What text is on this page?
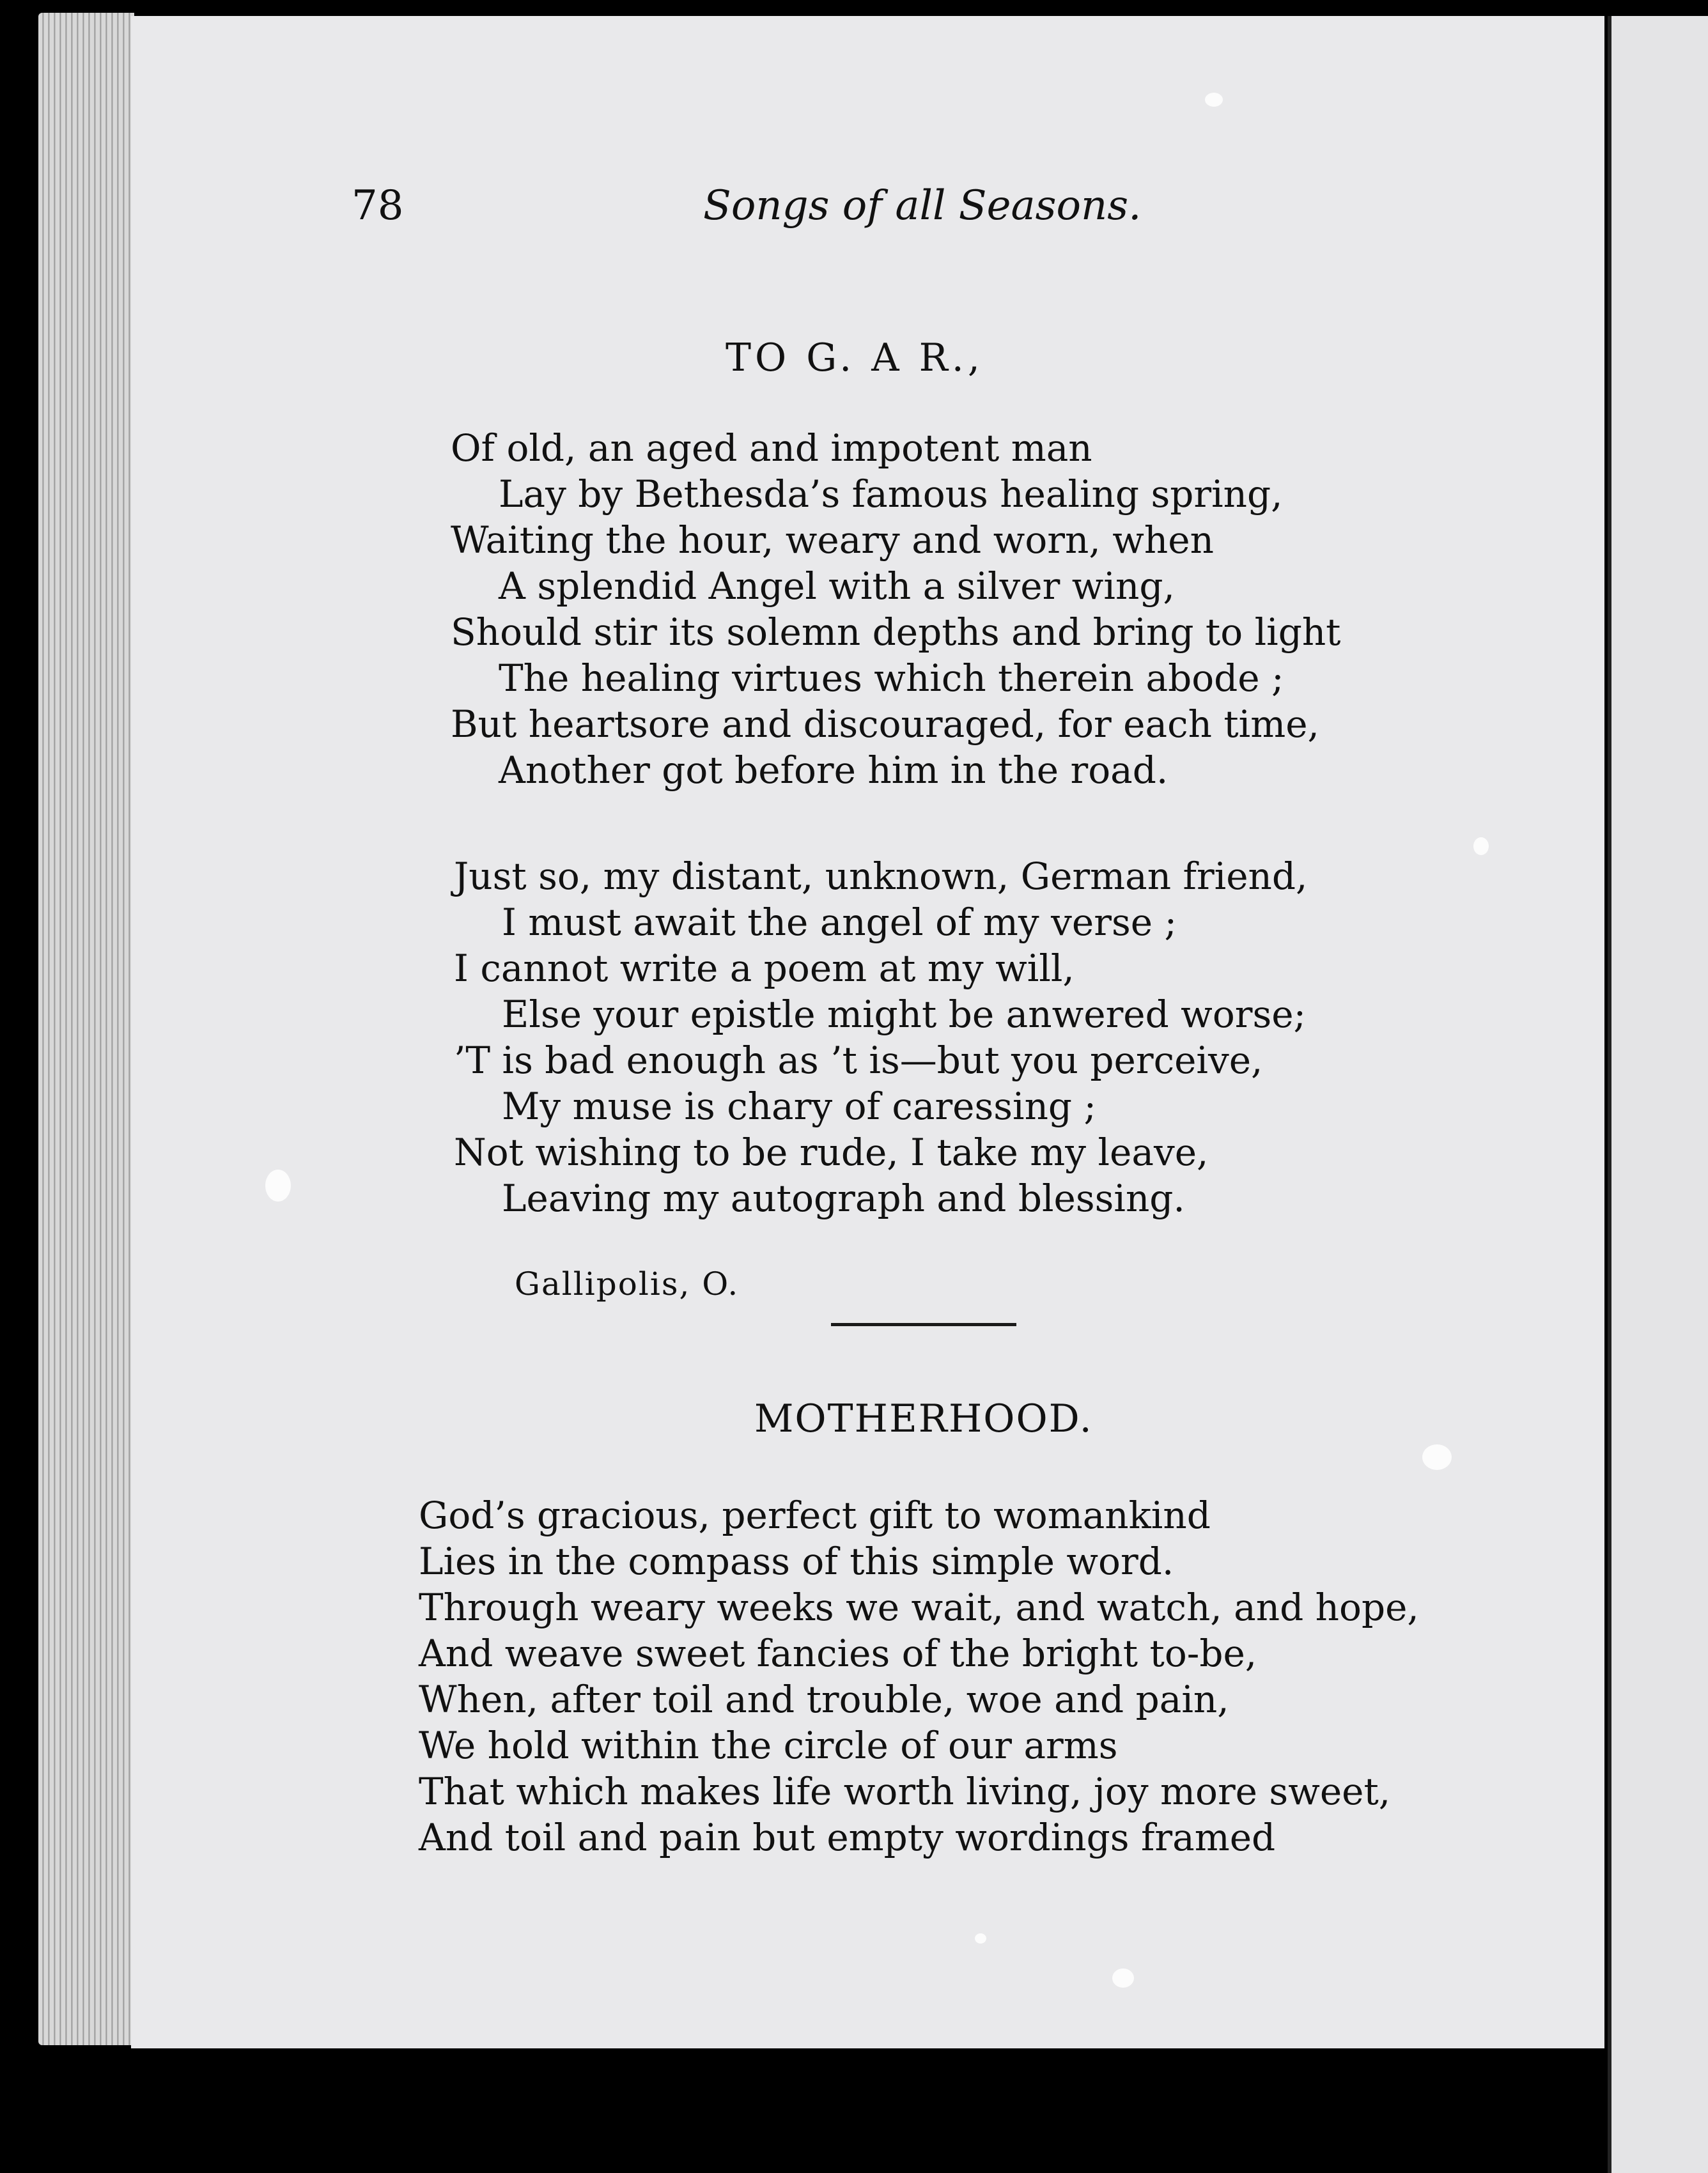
78	Songs of all Seasons.

TO G. A R.,
Of old, an aged and impotent man
Lay by Bethesda’s famous healing spring,
Waiting the hour, weary and worn, when
A splendid Angel with a silver wing,
Should stir its solemn depths and bring to light
The healing virtues which therein abode ;
But heartsore and discouraged, for each time,
Another got before him in the road.
Just so, my distant, unknown, German friend,
I must await the angel of my verse ;
I cannot write a poem at my will,
Else your epistle might be anwered worse;
’T is bad enough as ’t is—but you perceive,
My muse is chary of caressing ;
Not wishing to be rude, I take my leave,
Leaving my autograph and blessing.

Gallipolis, O.

MOTHERHOOD.
God’s gracious, perfect gift to womankind
Lies in the compass of this simple word.
Through weary weeks we wait, and watch, and hope,
And weave sweet fancies of the bright to-be,
When, after toil and trouble, woe and pain,
We hold within the circle of our arms
That which makes life worth living, joy more sweet,
And toil and pain but empty wordings framed
